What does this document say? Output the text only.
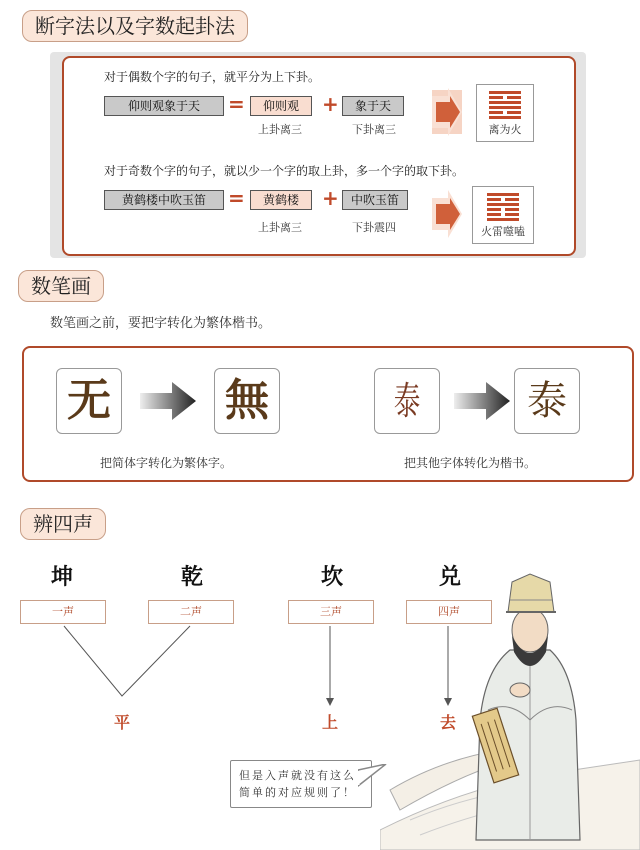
断字法以及字数起卦法
对于偶数个字的句子，就平分为上下卦。
仰则观象于天	=	仰则观	+	象于天
上卦离三	下卦离三	离为火
对于奇数个字的句子，就以少一个字的取上卦，多一个字的取下卦。
黄鹤楼中吹玉笛	=	黄鹤楼	+	中吹玉笛
上卦离三	下卦震四	火雷噬嗑
数笔画
数笔画之前，要把字转化为繁体楷书。
无	無
把简体字转化为繁体字。
泰	泰
把其他字体转化为楷书。
辨四声
坤	乾	坎	兑
一声	二声	三声	四声
平	上	去
但是入声就没有这么简单的对应规则了！
